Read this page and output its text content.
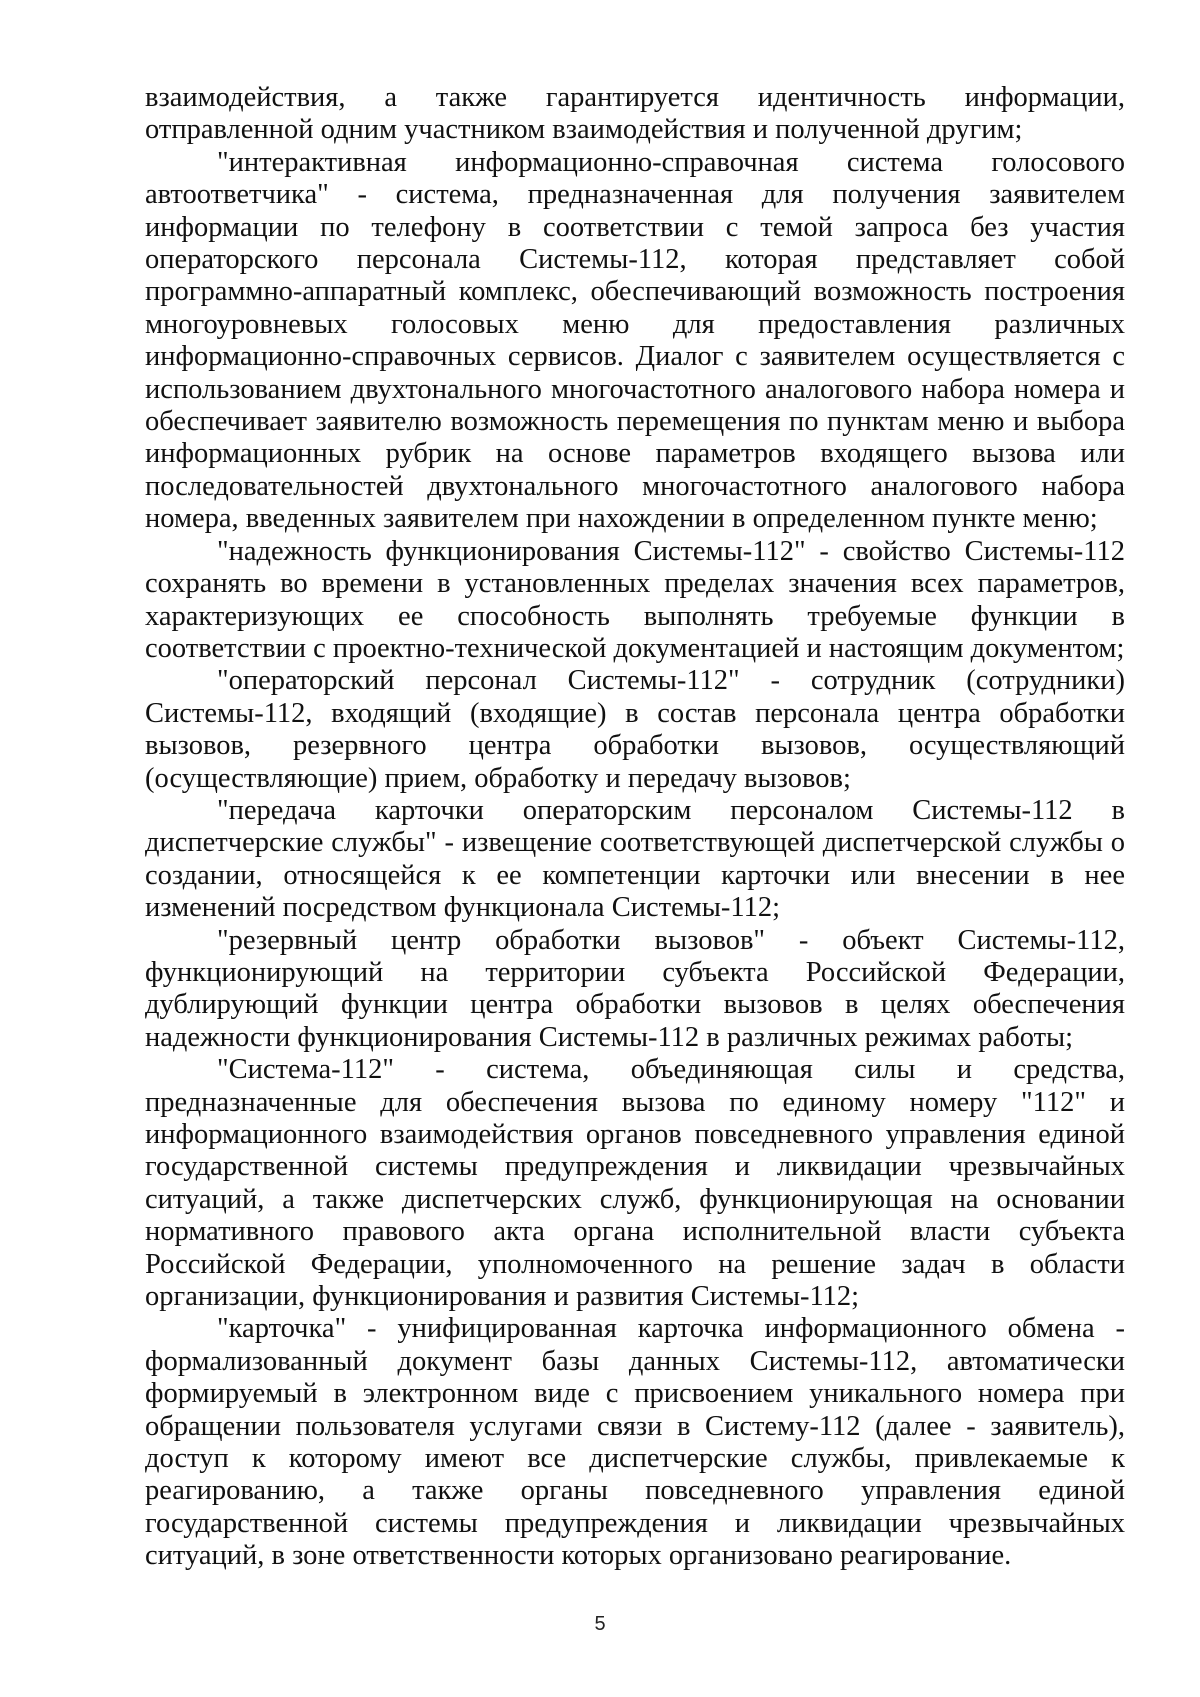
взаимодействия, а также гарантируется идентичность информации, отправленной одним участником взаимодействия и полученной другим;

"интерактивная информационно-справочная система голосового автоответчика" - система, предназначенная для получения заявителем информации по телефону в соответствии с темой запроса без участия операторского персонала Системы-112, которая представляет собой программно-аппаратный комплекс, обеспечивающий возможность построения многоуровневых голосовых меню для предоставления различных информационно-справочных сервисов. Диалог с заявителем осуществляется с использованием двухтонального многочастотного аналогового набора номера и обеспечивает заявителю возможность перемещения по пунктам меню и выбора информационных рубрик на основе параметров входящего вызова или последовательностей двухтонального многочастотного аналогового набора номера, введенных заявителем при нахождении в определенном пункте меню;

"надежность функционирования Системы-112" - свойство Системы-112 сохранять во времени в установленных пределах значения всех параметров, характеризующих ее способность выполнять требуемые функции в соответствии с проектно-технической документацией и настоящим документом;

"операторский персонал Системы-112" - сотрудник (сотрудники) Системы-112, входящий (входящие) в состав персонала центра обработки вызовов, резервного центра обработки вызовов, осуществляющий (осуществляющие) прием, обработку и передачу вызовов;

"передача карточки операторским персоналом Системы-112 в диспетчерские службы" - извещение соответствующей диспетчерской службы о создании, относящейся к ее компетенции карточки или внесении в нее изменений посредством функционала Системы-112;

"резервный центр обработки вызовов" - объект Системы-112, функционирующий на территории субъекта Российской Федерации, дублирующий функции центра обработки вызовов в целях обеспечения надежности функционирования Системы-112 в различных режимах работы;

"Система-112" - система, объединяющая силы и средства, предназначенные для обеспечения вызова по единому номеру "112" и информационного взаимодействия органов повседневного управления единой государственной системы предупреждения и ликвидации чрезвычайных ситуаций, а также диспетчерских служб, функционирующая на основании нормативного правового акта органа исполнительной власти субъекта Российской Федерации, уполномоченного на решение задач в области организации, функционирования и развития Системы-112;

"карточка" - унифицированная карточка информационного обмена - формализованный документ базы данных Системы-112, автоматически формируемый в электронном виде с присвоением уникального номера при обращении пользователя услугами связи в Систему-112 (далее - заявитель), доступ к которому имеют все диспетчерские службы, привлекаемые к реагированию, а также органы повседневного управления единой государственной системы предупреждения и ликвидации чрезвычайных ситуаций, в зоне ответственности которых организовано реагирование.

5
